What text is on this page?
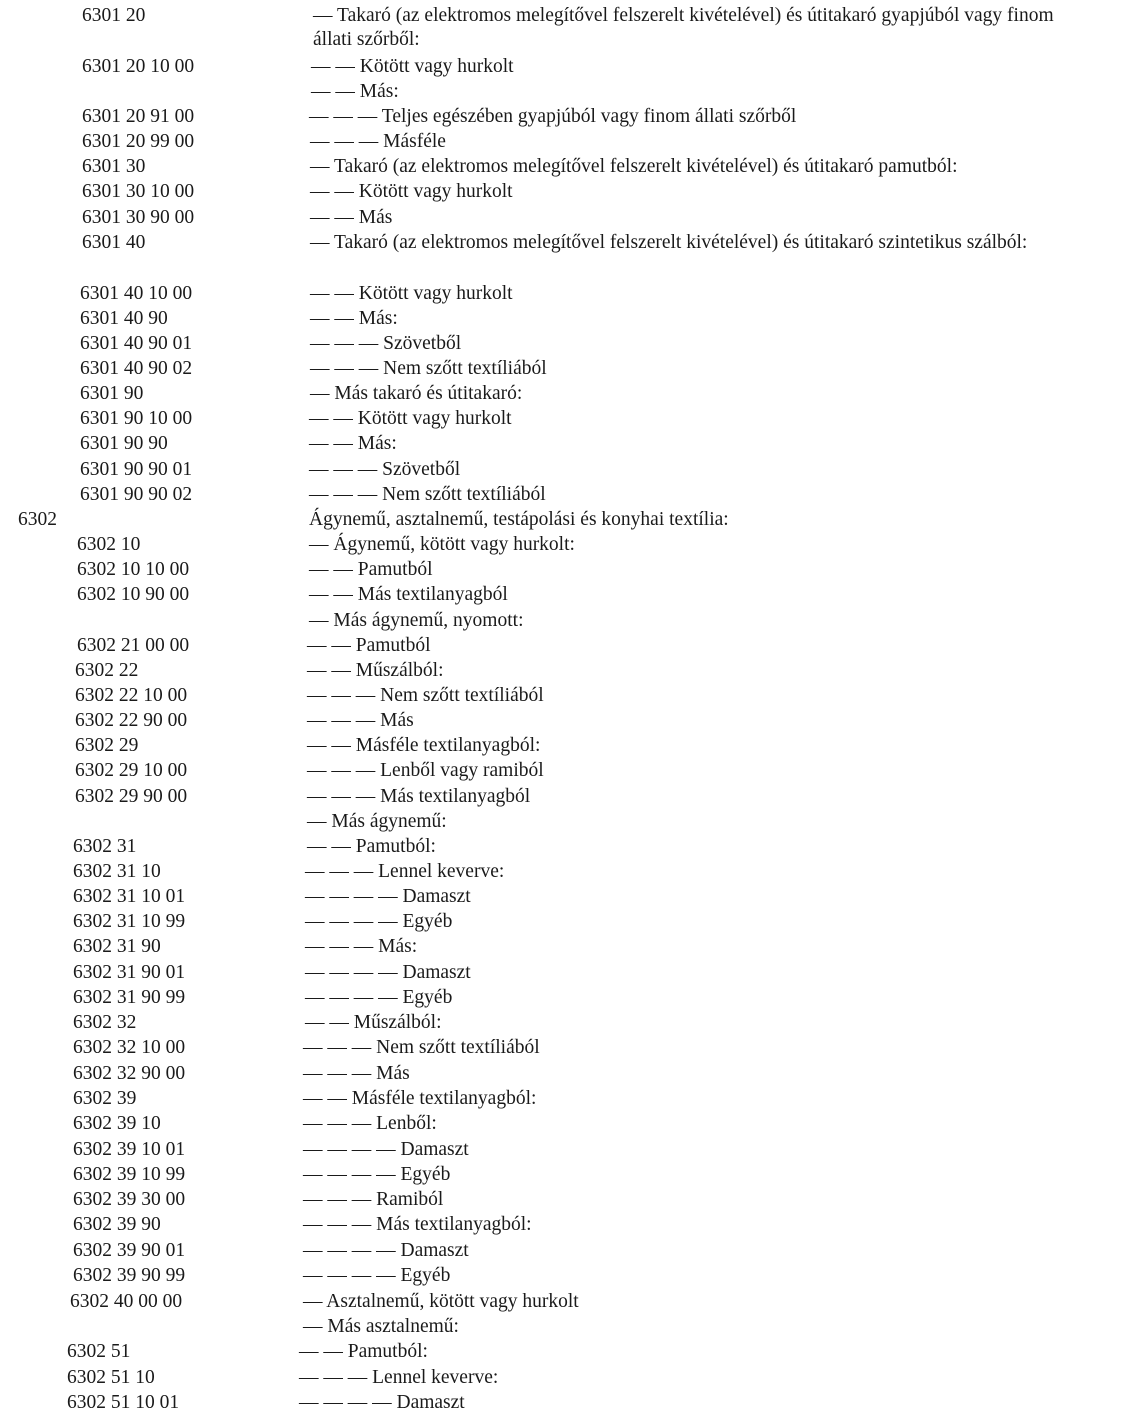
6301 20	— Takaró (az elektromos melegítővel felszerelt kivételével) és útitakaró gyapjúból vagy finom állati szőrből:
6301 20 10 00	— — Kötött vagy hurkolt
— — Más:
6301 20 91 00	— — — Teljes egészében gyapjúból vagy finom állati szőrből
6301 20 99 00	— — — Másféle
6301 30	— Takaró (az elektromos melegítővel felszerelt kivételével) és útitakaró pamutból:
6301 30 10 00	— — Kötött vagy hurkolt
6301 30 90 00	— — Más
6301 40	— Takaró (az elektromos melegítővel felszerelt kivételével) és útitakaró szintetikus szálból:
6301 40 10 00	— — Kötött vagy hurkolt
6301 40 90	— — Más:
6301 40 90 01	— — — Szövetből
6301 40 90 02	— — — Nem szőtt textíliából
6301 90	— Más takaró és útitakaró:
6301 90 10 00	— — Kötött vagy hurkolt
6301 90 90	— — Más:
6301 90 90 01	— — — Szövetből
6301 90 90 02	— — — Nem szőtt textíliából
6302	Ágynemű, asztalnemű, testápolási és konyhai textília:
6302 10	— Ágynemű, kötött vagy hurkolt:
6302 10 10 00	— — Pamutból
6302 10 90 00	— — Más textilanyagból
— Más ágynemű, nyomott:
6302 21 00 00	— — Pamutból
6302 22	— — Műszálból:
6302 22 10 00	— — — Nem szőtt textíliából
6302 22 90 00	— — — Más
6302 29	— — Másféle textilanyagból:
6302 29 10 00	— — — Lenből vagy ramiból
6302 29 90 00	— — — Más textilanyagból
— Más ágynemű:
6302 31	— — Pamutból:
6302 31 10	— — — Lennel keverve:
6302 31 10 01	— — — — Damaszt
6302 31 10 99	— — — — Egyéb
6302 31 90	— — — Más:
6302 31 90 01	— — — — Damaszt
6302 31 90 99	— — — — Egyéb
6302 32	— — Műszálból:
6302 32 10 00	— — — Nem szőtt textíliából
6302 32 90 00	— — — Más
6302 39	— — Másféle textilanyagból:
6302 39 10	— — — Lenből:
6302 39 10 01	— — — — Damaszt
6302 39 10 99	— — — — Egyéb
6302 39 30 00	— — — Ramiból
6302 39 90	— — — Más textilanyagból:
6302 39 90 01	— — — — Damaszt
6302 39 90 99	— — — — Egyéb
6302 40 00 00	— Asztalnemű, kötött vagy hurkolt
— Más asztalnemű:
6302 51	— — Pamutból:
6302 51 10	— — — Lennel keverve:
6302 51 10 01	— — — — Damaszt
